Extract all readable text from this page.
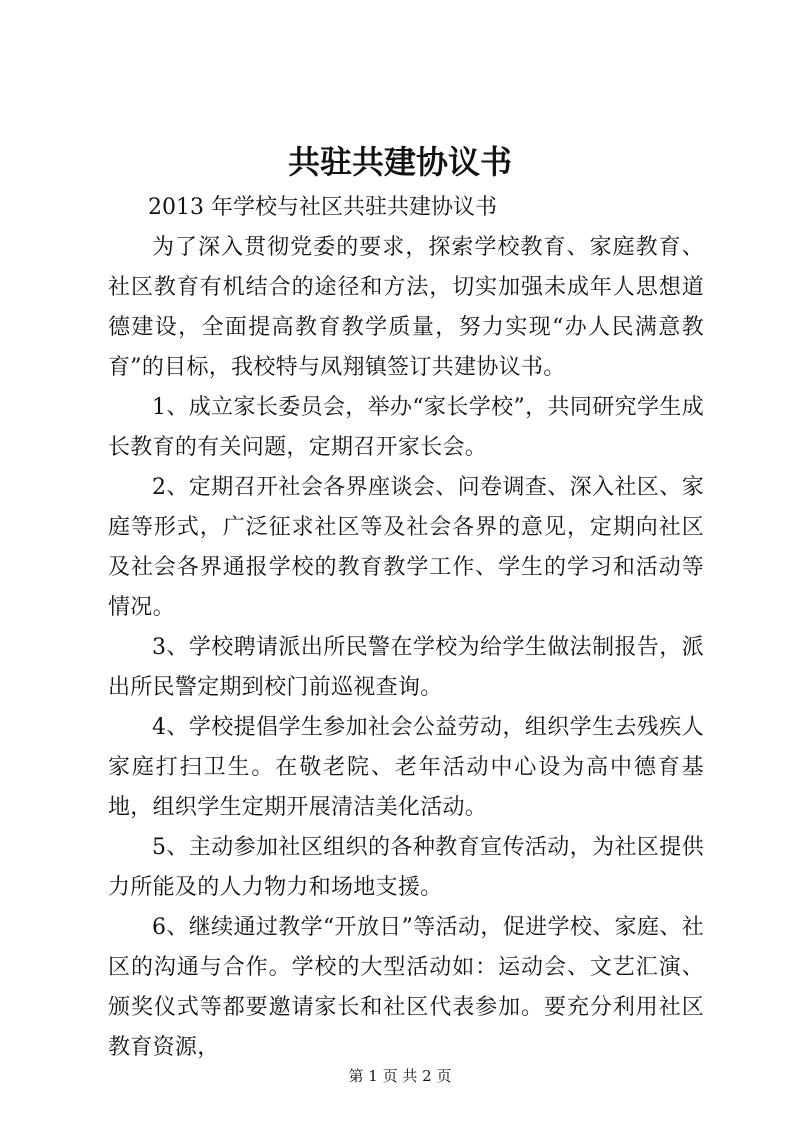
共驻共建协议书
2013 年学校与社区共驻共建协议书

为了深入贯彻党委的要求，探索学校教育、家庭教育、社区教育有机结合的途径和方法，切实加强未成年人思想道德建设，全面提高教育教学质量，努力实现“办人民满意教育”的目标，我校特与凤翔镇签订共建协议书。

1、成立家长委员会，举办“家长学校”，共同研究学生成长教育的有关问题，定期召开家长会。

2、定期召开社会各界座谈会、问卷调查、深入社区、家庭等形式，广泛征求社区等及社会各界的意见，定期向社区及社会各界通报学校的教育教学工作、学生的学习和活动等情况。

3、学校聘请派出所民警在学校为给学生做法制报告，派出所民警定期到校门前巡视查询。

4、学校提倡学生参加社会公益劳动，组织学生去残疾人家庭打扫卫生。在敬老院、老年活动中心设为高中德育基地，组织学生定期开展清洁美化活动。

5、主动参加社区组织的各种教育宣传活动，为社区提供力所能及的人力物力和场地支援。

6、继续通过教学“开放日”等活动，促进学校、家庭、社区的沟通与合作。学校的大型活动如：运动会、文艺汇演、颁奖仪式等都要邀请家长和社区代表参加。要充分利用社区教育资源，

第 1 页 共 2 页
